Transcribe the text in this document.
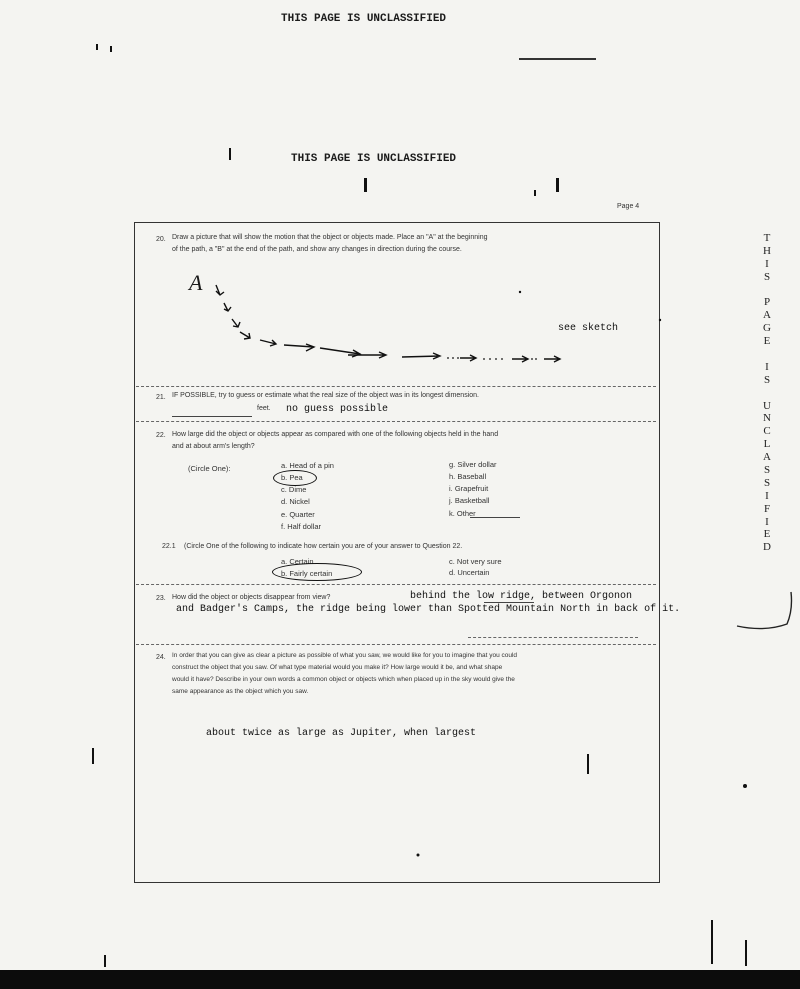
THIS PAGE IS UNCLASSIFIED
THIS PAGE IS UNCLASSIFIED
Page 4
T
H
I
S
P
A
G
E
I
S
U
N
C
L
A
S
S
I
F
I
E
D
20. Draw a picture that will show the motion that the object or objects made. Place an "A" at the beginning
of the path, a "B" at the end of the path, and show any changes in direction during the course.
A
see sketch
21. IF POSSIBLE, try to guess or estimate what the real size of the object was in its longest dimension.
feet. no guess possible
22. How large did the object or objects appear as compared with one of the following objects held in the hand
and at about arm's length?
(Circle One):	a. Head of a pin
b. Pea
c. Dime
d. Nickel
e. Quarter
f. Half dollar
g. Silver dollar
h. Baseball
i. Grapefruit
j. Basketball
k. Other
22.1 (Circle One of the following to indicate how certain you are of your answer to Question 22.
a. Certain
b. Fairly certain
c. Not very sure
d. Uncertain
23. How did the object or objects disappear from view?	behind the low ridge, between Orgonon
and Badger's Camps, the ridge being lower than Spotted Mountain North in back of it.
24. In order that you can give as clear a picture as possible of what you saw, we would like for you to imagine that you could
construct the object that you saw. Of what type material would you make it? How large would it be, and what shape
would it have? Describe in your own words a common object or objects which when placed up in the sky would give the
same appearance as the object which you saw.
about twice as large as Jupiter, when largest
